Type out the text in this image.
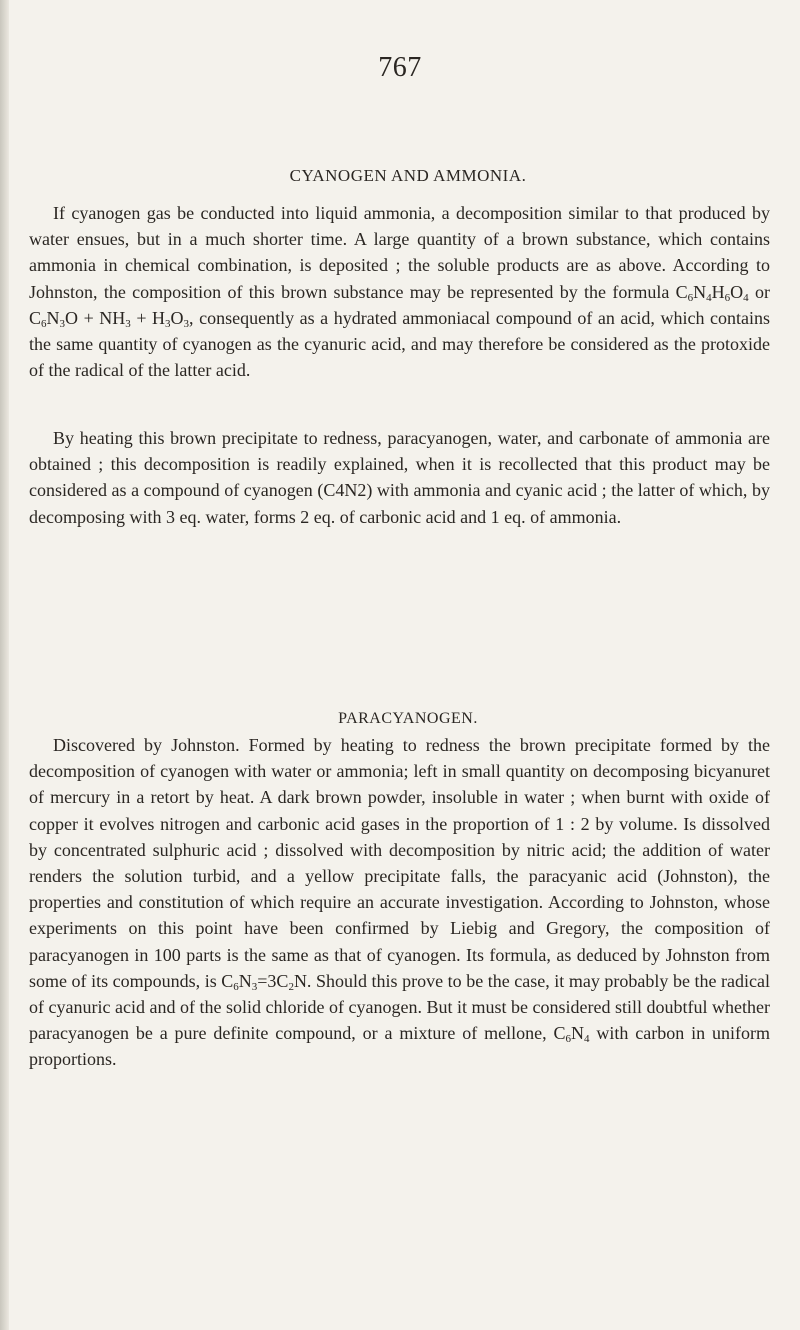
767
CYANOGEN AND AMMONIA.

If cyanogen gas be conducted into liquid ammonia, a decomposition similar to that produced by water ensues, but in a much shorter time. A large quantity of a brown substance, which contains ammonia in chemical combination, is deposited ; the soluble products are as above. According to Johnston, the composition of this brown substance may be represented by the formula $C_6N_4H_6O_4$ or $C_6N_3O + NH_3 + H_3O_3$, consequently as a hydrated ammoniacal compound of an acid, which contains the same quantity of cyanogen as the cyanuric acid, and may therefore be considered as the protoxide of the radical of the latter acid.

By heating this brown precipitate to redness, paracyanogen, water, and carbonate of ammonia are obtained ; this decomposition is readily explained, when it is recollected that this product may be considered as a compound of cyanogen (C4N2) with ammonia and cyanic acid ; the latter of which, by decomposing with 3 eq. water, forms 2 eq. of carbonic acid and 1 eq. of ammonia.

PARACYANOGEN.

Discovered by Johnston. Formed by heating to redness the brown precipitate formed by the decomposition of cyanogen with water or ammonia; left in small quantity on decomposing bicyanuret of mercury in a retort by heat. A dark brown powder, insoluble in water ; when burnt with oxide of copper it evolves nitrogen and carbonic acid gases in the proportion of 1 : 2 by volume. Is dissolved by concentrated sulphuric acid ; dissolved with decomposition by nitric acid; the addition of water renders the solution turbid, and a yellow precipitate falls, the paracyanic acid (Johnston), the properties and constitution of which require an accurate investigation. According to Johnston, whose experiments on this point have been confirmed by Liebig and Gregory, the composition of paracyanogen in 100 parts is the same as that of cyanogen. Its formula, as deduced by Johnston from some of its compounds, is $C_6N_3=3C_2N$. Should this prove to be the case, it may probably be the radical of cyanuric acid and of the solid chloride of cyanogen. But it must be considered still doubtful whether paracyanogen be a pure definite compound, or a mixture of mellone, $C_6N_4$ with carbon in uniform proportions.
